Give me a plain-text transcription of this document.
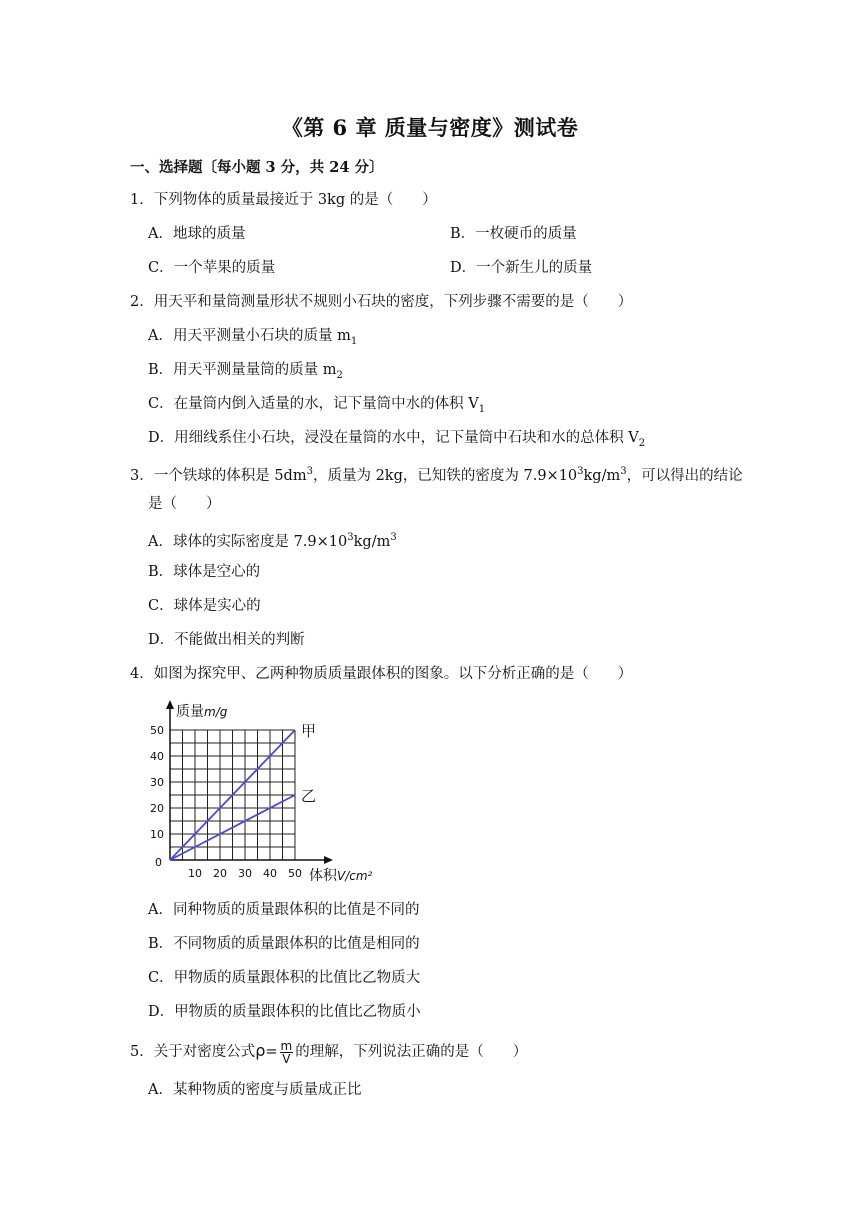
《第 6 章 质量与密度》测试卷
一、选择题〔每小题 3 分，共 24 分〕
1．下列物体的质量最接近于 3kg 的是（　　）
A．地球的质量	B．一枚硬币的质量
C．一个苹果的质量	D．一个新生儿的质量
2．用天平和量筒测量形状不规则小石块的密度，下列步骤不需要的是（　　）
A．用天平测量小石块的质量 $m_1$
B．用天平测量量筒的质量 $m_2$
C．在量筒内倒入适量的水，记下量筒中水的体积 $V_1$
D．用细线系住小石块，浸没在量筒的水中，记下量筒中石块和水的总体积 $V_2$
3．一个铁球的体积是 $5dm^3$，质量为 2kg，已知铁的密度为 $7.9\times 10^3kg/m^3$，可以得出的结论
是（　　）
A．球体的实际密度是 $7.9\times 10^3kg/m^3$
B．球体是空心的
C．球体是实心的
D．不能做出相关的判断
4．如图为探究甲、乙两种物质质量跟体积的图象。以下分析正确的是（　　）
甲
乙
10 20 30 40 50
10
20
30
40
50
0
质量m/g
体积V/cm²
A．同种物质的质量跟体积的比值是不同的
B．不同物质的质量跟体积的比值是相同的
C．甲物质的质量跟体积的比值比乙物质大
D．甲物质的质量跟体积的比值比乙物质小
5．关于对密度公式$\rho= \frac{m}{V}$ 的理解，下列说法正确的是（　　）
A．某种物质的密度与质量成正比
